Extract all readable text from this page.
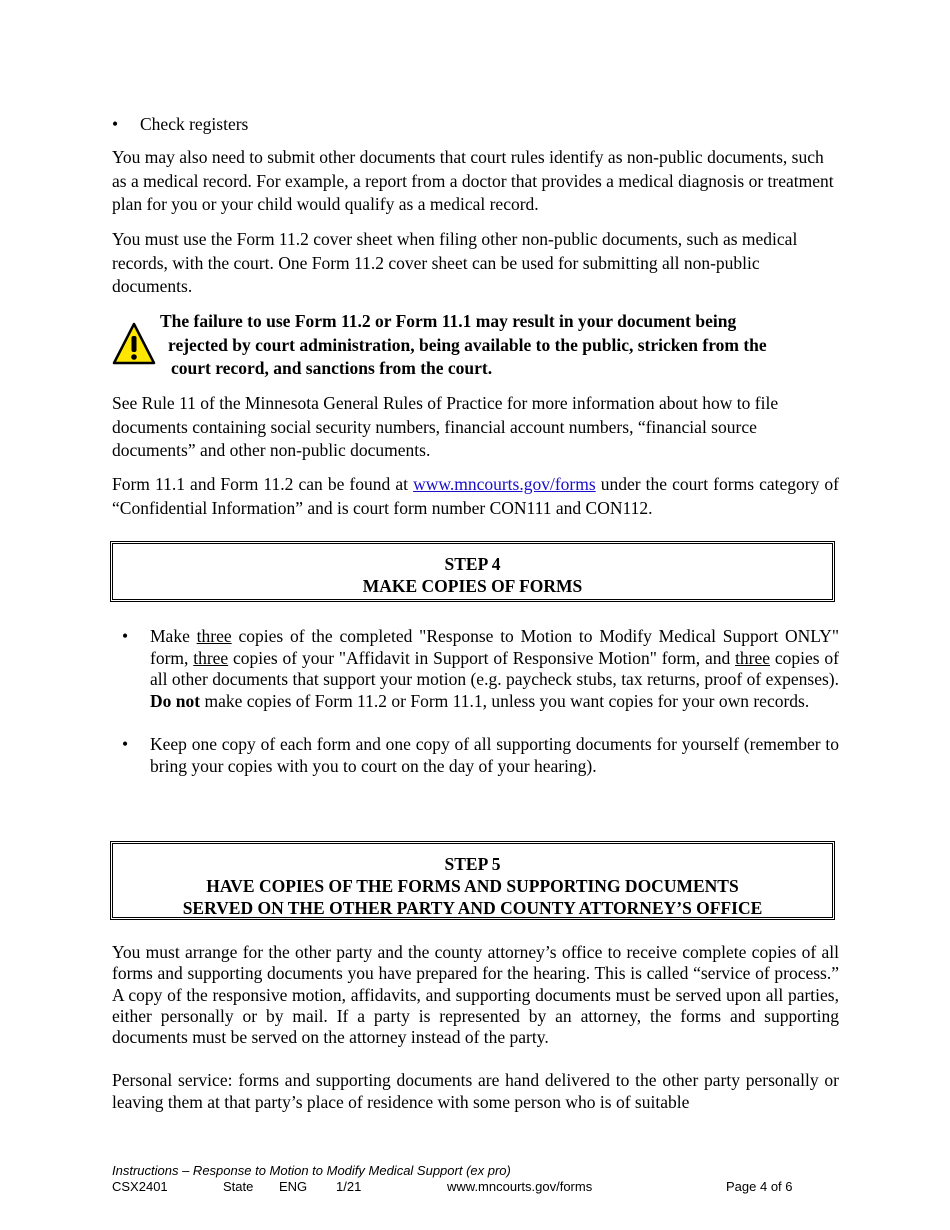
• Check registers

You may also need to submit other documents that court rules identify as non-public documents, such as a medical record. For example, a report from a doctor that provides a medical diagnosis or treatment plan for you or your child would qualify as a medical record.

You must use the Form 11.2 cover sheet when filing other non-public documents, such as medical records, with the court. One Form 11.2 cover sheet can be used for submitting all non-public documents.

The failure to use Form 11.2 or Form 11.1 may result in your document being
rejected by court administration, being available to the public, stricken from the
court record, and sanctions from the court.

See Rule 11 of the Minnesota General Rules of Practice for more information about how to file documents containing social security numbers, financial account numbers, “financial source documents” and other non-public documents.

Form 11.1 and Form 11.2 can be found at www.mncourts.gov/forms under the court forms category of “Confidential Information” and is court form number CON111 and CON112.

STEP 4
MAKE COPIES OF FORMS
• Make three copies of the completed "Response to Motion to Modify Medical Support ONLY" form, three copies of your "Affidavit in Support of Responsive Motion" form, and three copies of all other documents that support your motion (e.g. paycheck stubs, tax returns, proof of expenses). Do not make copies of Form 11.2 or Form 11.1, unless you want copies for your own records.
• Keep one copy of each form and one copy of all supporting documents for yourself (remember to bring your copies with you to court on the day of your hearing).
STEP 5
HAVE COPIES OF THE FORMS AND SUPPORTING DOCUMENTS
SERVED ON THE OTHER PARTY AND COUNTY ATTORNEY’S OFFICE

You must arrange for the other party and the county attorney’s office to receive complete copies of all forms and supporting documents you have prepared for the hearing. This is called “service of process.” A copy of the responsive motion, affidavits, and supporting documents must be served upon all parties, either personally or by mail. If a party is represented by an attorney, the forms and supporting documents must be served on the attorney instead of the party.

Personal service: forms and supporting documents are hand delivered to the other party personally or leaving them at that party’s place of residence with some person who is of suitable

Instructions – Response to Motion to Modify Medical Support (ex pro)
CSX2401	State ENG 1/21	www.mncourts.gov/forms	Page 4 of 6
